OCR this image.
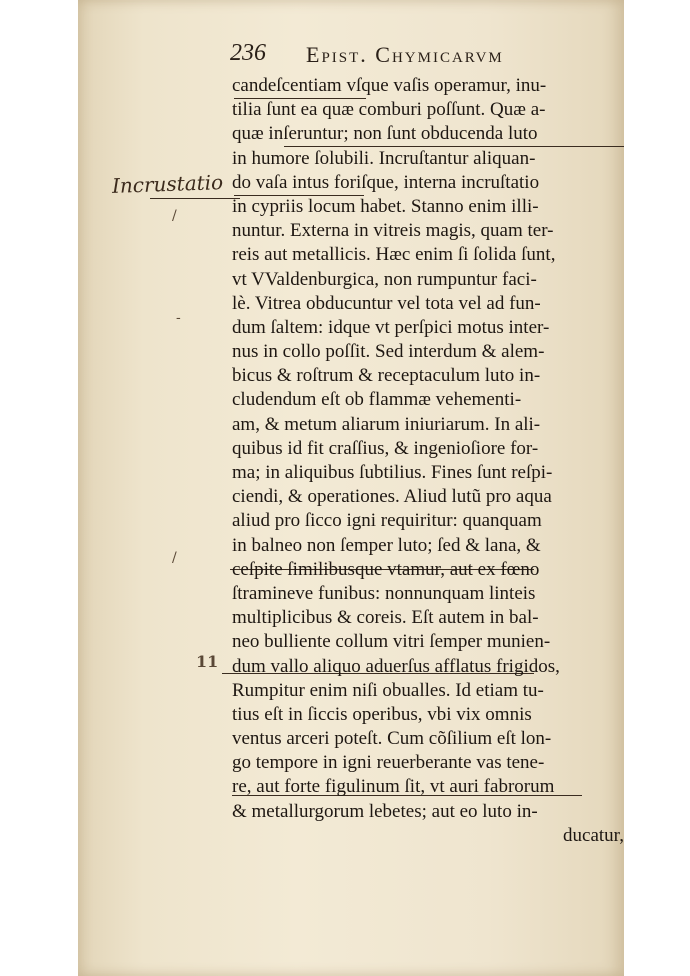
236 Epist. Chymicarvm
Incrustatio
/
-
/
11
candeſcentiam vſque vaſis operamur, inu-
tilia ſunt ea quæ comburi poſſunt. Quæ a-
quæ inſeruntur; non ſunt obducenda luto
in humore ſolubili. Incruſtantur aliquan-
do vaſa intus foriſque, interna incruſtatio
in cypriis locum habet. Stanno enim illi-
nuntur. Externa in vitreis magis, quam ter-
reis aut metallicis. Hæc enim ſi ſolida ſunt,
vt VValdenburgica, non rumpuntur faci-
lè. Vitrea obducuntur vel tota vel ad fun-
dum ſaltem: idque vt perſpici motus inter-
nus in collo poſſit. Sed interdum & alem-
bicus & roſtrum & receptaculum luto in-
cludendum eſt ob flammæ vehementi-
am, & metum aliarum iniuriarum. In ali-
quibus id fit craſſius, & ingenioſiore for-
ma; in aliquibus ſubtilius. Fines ſunt reſpi-
ciendi, & operationes. Aliud lutũ pro aqua
aliud pro ſicco igni requiritur: quanquam
in balneo non ſemper luto; ſed & lana, &
ceſpite ſimilibusque vtamur, aut ex fœno
ſtramineve funibus: nonnunquam linteis
multiplicibus & coreis. Eſt autem in bal-
neo bulliente collum vitri ſemper munien-
dum vallo aliquo aduerſus afflatus frigidos,
Rumpitur enim niſi obualles. Id etiam tu-
tius eſt in ſiccis operibus, vbi vix omnis
ventus arceri poteſt. Cum cõſilium eſt lon-
go tempore in igni reuerberante vas tene-
re, aut forte figulinum ſit, vt auri fabrorum
& metallurgorum lebetes; aut eo luto in-
ducatur,
